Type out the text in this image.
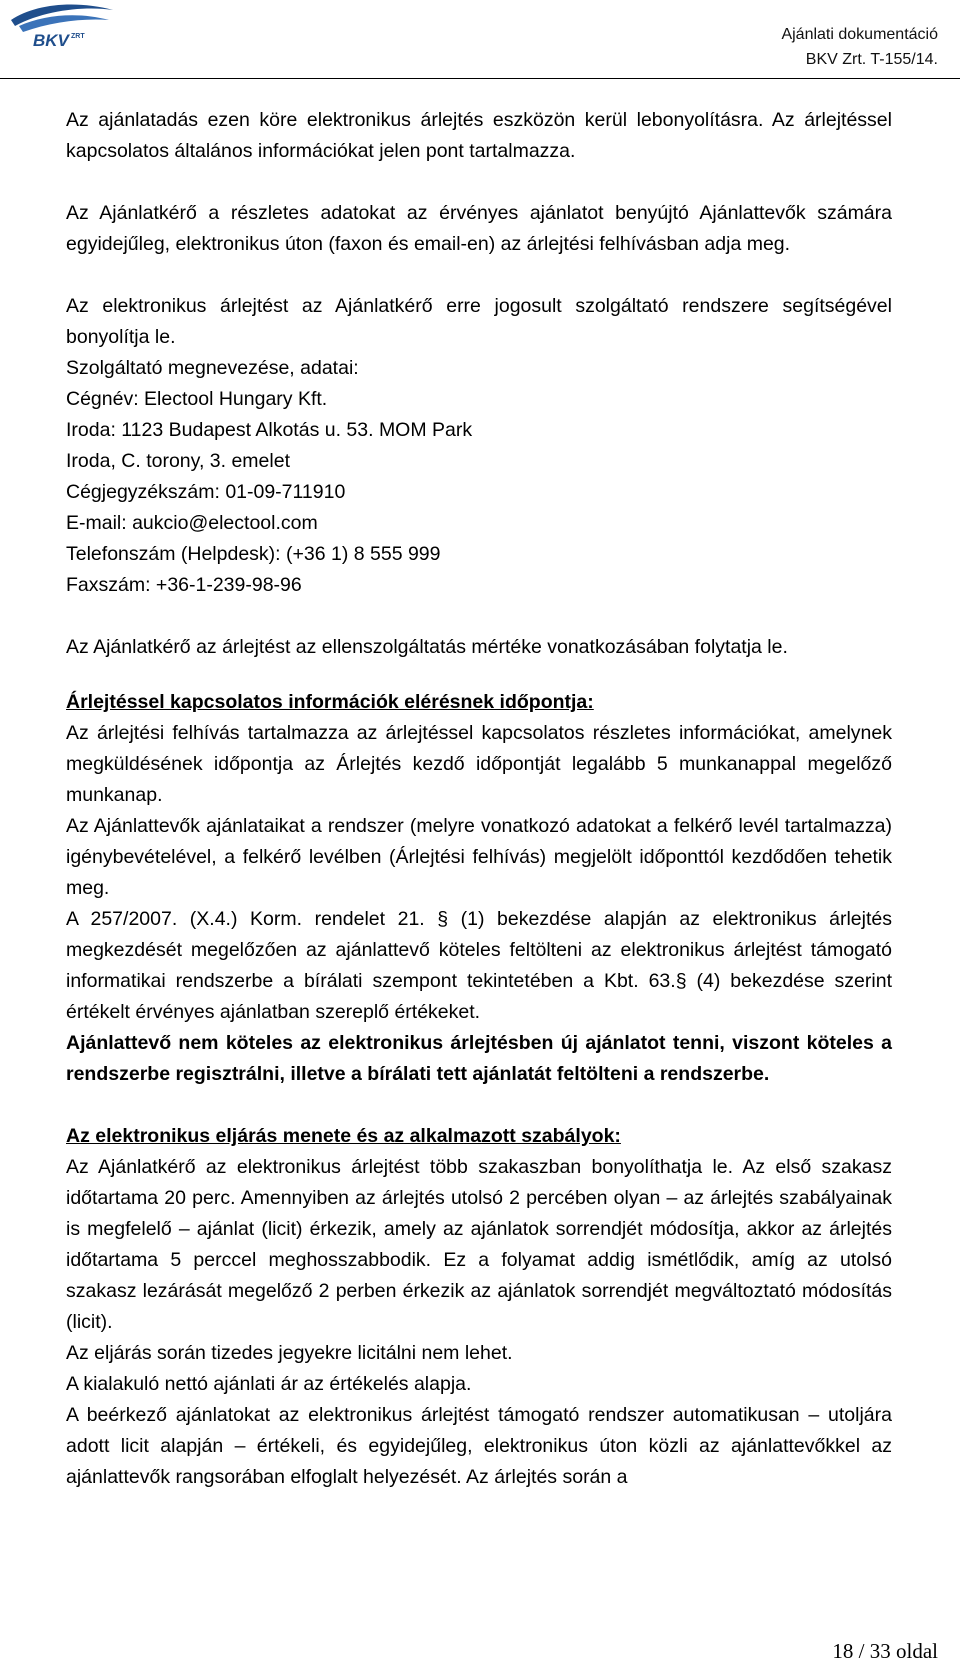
BKV ZRT	Ajánlati dokumentáció
BKV Zrt. T-155/14.

Az ajánlatadás ezen köre elektronikus árlejtés eszközön kerül lebonyolításra. Az árlejtéssel kapcsolatos általános információkat jelen pont tartalmazza.

Az Ajánlatkérő a részletes adatokat az érvényes ajánlatot benyújtó Ajánlattevők számára egyidejűleg, elektronikus úton (faxon és email-en) az árlejtési felhívásban adja meg.

Az elektronikus árlejtést az Ajánlatkérő erre jogosult szolgáltató rendszere segítségével bonyolítja le.

Szolgáltató megnevezése, adatai:

Cégnév: Electool Hungary Kft.

Iroda: 1123 Budapest Alkotás u. 53. MOM Park

Iroda, C. torony, 3. emelet

Cégjegyzékszám: 01-09-711910

E-mail: aukcio@electool.com

Telefonszám (Helpdesk): (+36 1) 8 555 999

Faxszám: +36-1-239-98-96

Az Ajánlatkérő az árlejtést az ellenszolgáltatás mértéke vonatkozásában folytatja le.

Árlejtéssel kapcsolatos információk elérésnek időpontja:

Az árlejtési felhívás tartalmazza az árlejtéssel kapcsolatos részletes információkat, amelynek megküldésének időpontja az Árlejtés kezdő időpontját legalább 5 munkanappal megelőző munkanap.

Az Ajánlattevők ajánlataikat a rendszer (melyre vonatkozó adatokat a felkérő levél tartalmazza) igénybevételével, a felkérő levélben (Árlejtési felhívás) megjelölt időponttól kezdődően tehetik meg.

A 257/2007. (X.4.) Korm. rendelet 21. § (1) bekezdése alapján az elektronikus árlejtés megkezdését megelőzően az ajánlattevő köteles feltölteni az elektronikus árlejtést támogató informatikai rendszerbe a bírálati szempont tekintetében a Kbt. 63.§ (4) bekezdése szerint értékelt érvényes ajánlatban szereplő értékeket.

Ajánlattevő nem köteles az elektronikus árlejtésben új ajánlatot tenni, viszont köteles a rendszerbe regisztrálni, illetve a bírálati tett ajánlatát feltölteni a rendszerbe.

Az elektronikus eljárás menete és az alkalmazott szabályok:

Az Ajánlatkérő az elektronikus árlejtést több szakaszban bonyolíthatja le. Az első szakasz időtartama 20 perc. Amennyiben az árlejtés utolsó 2 percében olyan – az árlejtés szabályainak is megfelelő – ajánlat (licit) érkezik, amely az ajánlatok sorrendjét módosítja, akkor az árlejtés időtartama 5 perccel meghosszabbodik. Ez a folyamat addig ismétlődik, amíg az utolsó szakasz lezárását megelőző 2 perben érkezik az ajánlatok sorrendjét megváltoztató módosítás (licit).

Az eljárás során tizedes jegyekre licitálni nem lehet.

A kialakuló nettó ajánlati ár az értékelés alapja.

A beérkező ajánlatokat az elektronikus árlejtést támogató rendszer automatikusan – utoljára adott licit alapján – értékeli, és egyidejűleg, elektronikus úton közli az ajánlattevőkkel az ajánlattevők rangsorában elfoglalt helyezését. Az árlejtés során a

18 / 33 oldal
